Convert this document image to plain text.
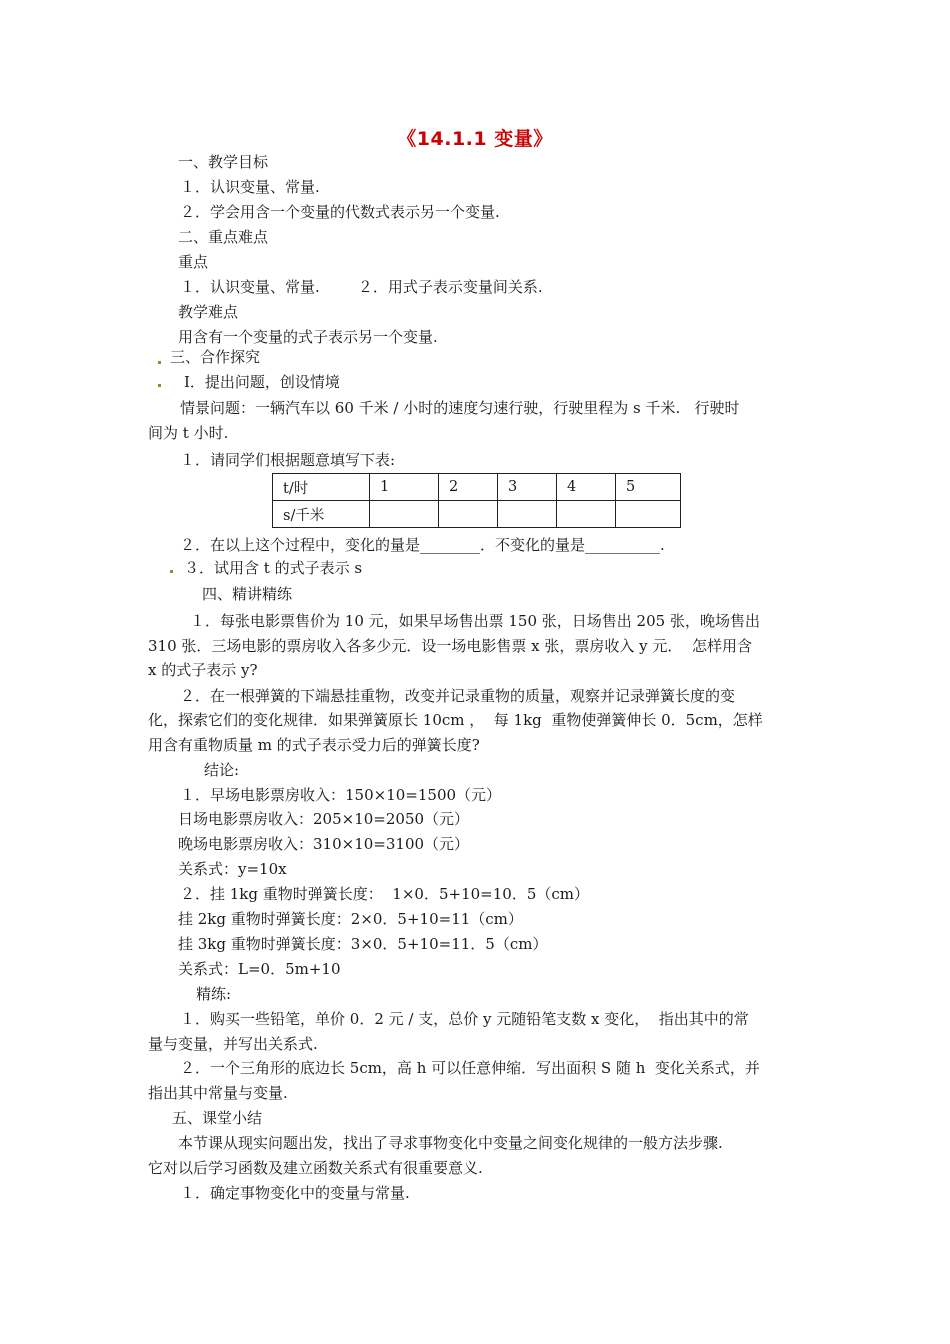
《14.1.1 变量》
一、教学目标
１．认识变量、常量.
２．学会用含一个变量的代数式表示另一个变量.
二、重点难点
重点
１．认识变量、常量.        ２．用式子表示变量间关系.
教学难点
用含有一个变量的式子表示另一个变量.
三、合作探究
Ⅰ．提出问题，创设情境
情景问题：一辆汽车以 60 千米 / 小时的速度匀速行驶，行驶里程为 s 千米.   行驶时
间为 t 小时.
１．请同学们根据题意填写下表:
t/时	1	2	3	4	5
s/千米					
２．在以上这个过程中，变化的量是________．不变化的量是__________.
３．试用含 t 的式子表示 s
四、精讲精练
１．每张电影票售价为 10 元，如果早场售出票 150 张，日场售出 205 张，晚场售出
310 张．三场电影的票房收入各多少元．设一场电影售票 x 张，票房收入 y 元．  怎样用含
x 的式子表示 y?
２．在一根弹簧的下端悬挂重物，改变并记录重物的质量，观察并记录弹簧长度的变
化，探索它们的变化规律．如果弹簧原长 10cm ，  每 1kg  重物使弹簧伸长 0．5cm，怎样
用含有重物质量 m 的式子表示受力后的弹簧长度?
结论:
１．早场电影票房收入：150×10=1500（元）
日场电影票房收入：205×10=2050（元）
晚场电影票房收入：310×10=3100（元）
关系式：y=10x
２．挂 1kg 重物时弹簧长度：  1×0．5+10=10．5（cm）
挂 2kg 重物时弹簧长度：2×0．5+10=11（cm）
挂 3kg 重物时弹簧长度：3×0．5+10=11．5（cm）
关系式：L=0．5m+10
精练:
１．购买一些铅笔，单价 0．2 元 / 支，总价 y 元随铅笔支数 x 变化，  指出其中的常
量与变量，并写出关系式.
２．一个三角形的底边长 5cm，高 h 可以任意伸缩．写出面积 S 随 h  变化关系式，并
指出其中常量与变量.
五、课堂小结
本节课从现实问题出发，找出了寻求事物变化中变量之间变化规律的一般方法步骤.
它对以后学习函数及建立函数关系式有很重要意义.
１．确定事物变化中的变量与常量.
